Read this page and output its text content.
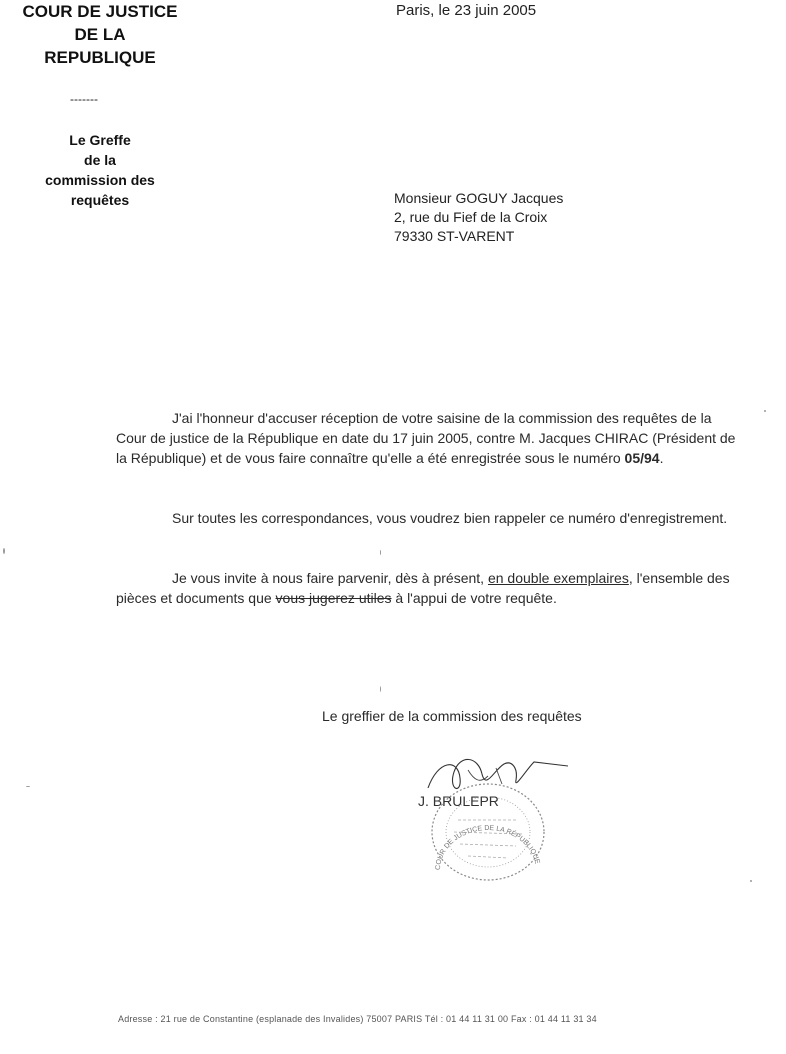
COUR DE JUSTICE
DE LA
REPUBLIQUE
-------
Le Greffe
de la
commission des
requêtes
Paris, le 23 juin 2005
Monsieur GOGUY Jacques
2, rue du Fief de la Croix
79330 ST-VARENT
J'ai l'honneur d'accuser réception de votre saisine de la commission des requêtes de la Cour de justice de la République en date du 17 juin 2005, contre M. Jacques CHIRAC (Président de la République) et de vous faire connaître qu'elle a été enregistrée sous le numéro 05/94.
Sur toutes les correspondances, vous voudrez bien rappeler ce numéro d'enregistrement.
Je vous invite à nous faire parvenir, dès à présent, en double exemplaires, l'ensemble des pièces et documents que vous jugerez utiles à l'appui de votre requête.
Le greffier de la commission des requêtes
COUR DE JUSTICE DE LA RÉPUBLIQUE
J. BRULEPR
Adresse : 21 rue de Constantine (esplanade des Invalides) 75007 PARIS Tél : 01 44 11 31 00 Fax : 01 44 11 31 34
